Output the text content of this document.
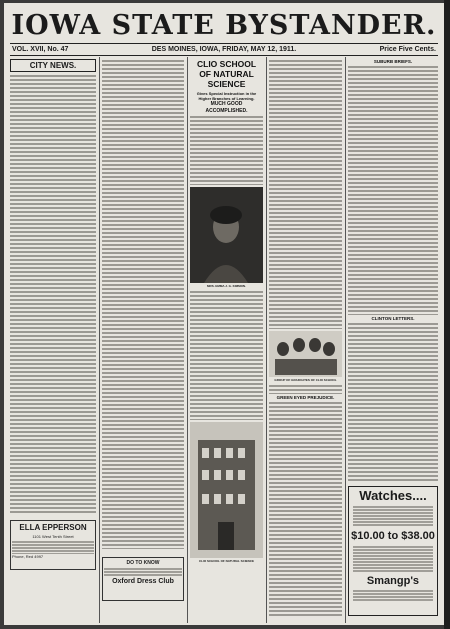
IOWA STATE BYSTANDER.
VOL. XVII, No. 47	DES MOINES, IOWA, FRIDAY, MAY 12, 1911.	Price Five Cents.
CITY NEWS.
ELLA EPPERSON
1101 West Tenth Street
Phone, Red 4997
DO TO KNOW
Oxford Dress Club
CLIO SCHOOL OF NATURAL SCIENCE
Gives Special Instruction in the Higher Branches of Learning.
MUCH GOOD ACCOMPLISHED.
MRS. EMMA J. G. KIMMON.
CLIO SCHOOL OF NATURAL SCIENCE
GROUP OF GRADUATES OF CLIO SCHOOL
GREEN EYED PREJUDICE.
SUBURB BRIEFS.
CLINTON LETTERS.
Watches....
$10.00 to $38.00
Smangp's
